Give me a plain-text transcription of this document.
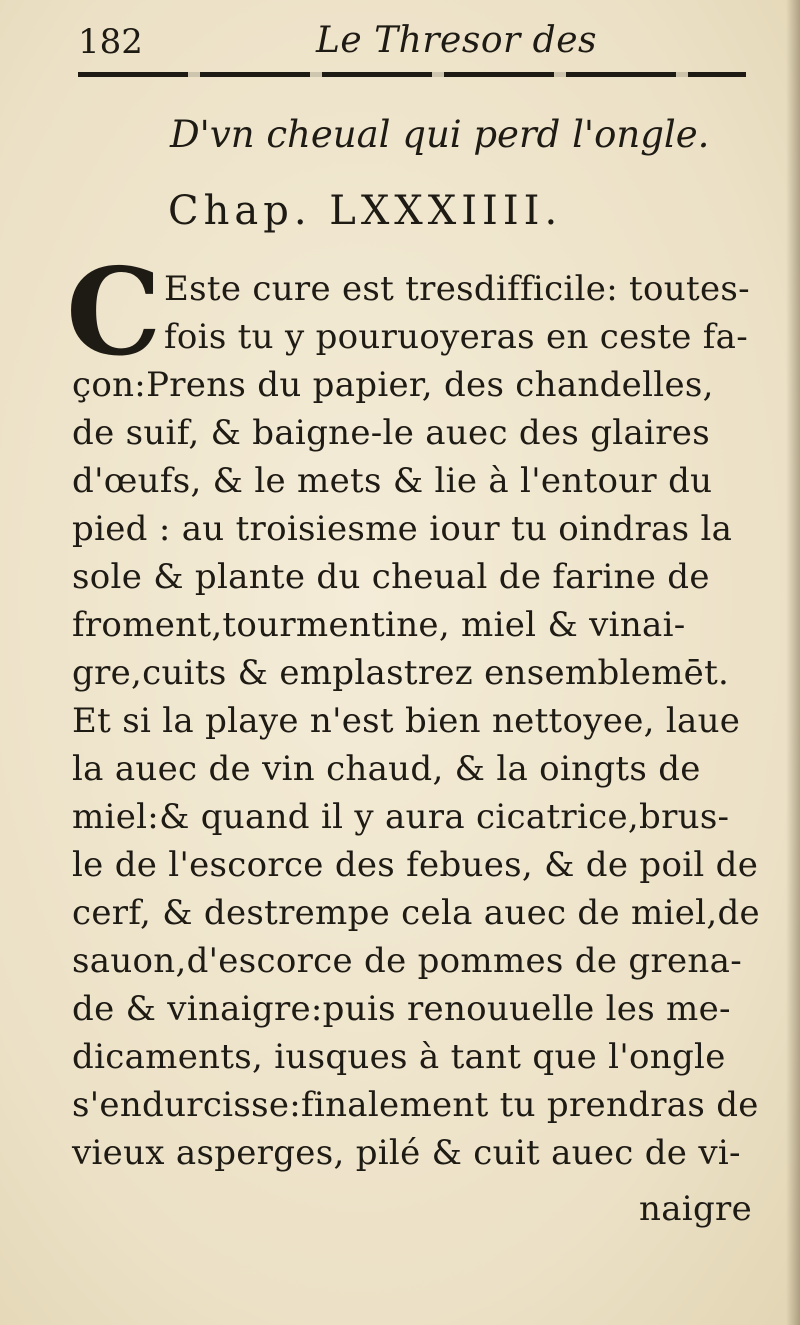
182	Le Thresor des
D'vn cheual qui perd l'ongle.
Chap. LXXXIIII.
C Este cure est tresdifficile: toutes-
fois tu y pouruoyeras en ceste fa-
çon:Prens du papier, des chandelles,
de suif, & baigne-le auec des glaires
d'œufs, & le mets & lie à l'entour du
pied : au troisiesme iour tu oindras la
sole & plante du cheual de farine de
froment,tourmentine, miel & vinai-
gre,cuits & emplastrez ensemblemēt.
Et si la playe n'est bien nettoyee, laue
la auec de vin chaud, & la oingts de
miel:& quand il y aura cicatrice,brus-
le de l'escorce des febues, & de poil de
cerf, & destrempe cela auec de miel,de
sauon,d'escorce de pommes de grena-
de & vinaigre:puis renouuelle les me-
dicaments, iusques à tant que l'ongle
s'endurcisse:finalement tu prendras de
vieux asperges, pilé & cuit auec de vi-
naigre
